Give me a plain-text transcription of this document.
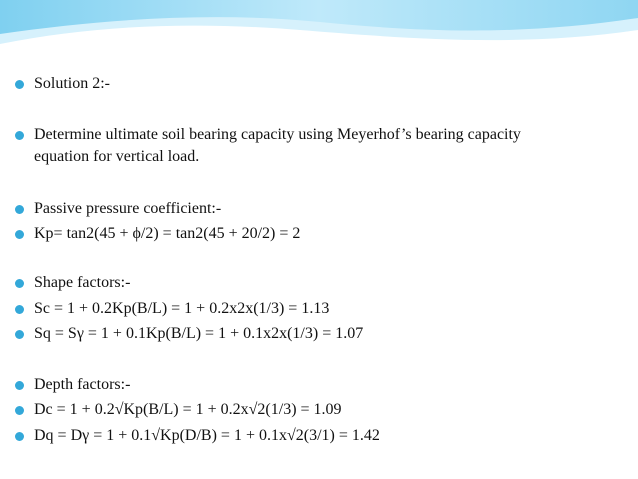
Solution 2:-
Determine ultimate soil bearing capacity using Meyerhof’s bearing capacity equation for vertical load.
Passive pressure coefficient:-
Kp= tan2(45 + ϕ/2) = tan2(45 + 20/2) = 2
Shape factors:-
Sc = 1 + 0.2Kp(B/L) = 1 + 0.2x2x(1/3) = 1.13
Sq = Sγ = 1 + 0.1Kp(B/L) = 1 + 0.1x2x(1/3) = 1.07
Depth factors:-
Dc = 1 + 0.2√Kp(B/L) = 1 + 0.2x√2(1/3) = 1.09
Dq = Dγ = 1 + 0.1√Kp(D/B) = 1 + 0.1x√2(3/1) = 1.42
